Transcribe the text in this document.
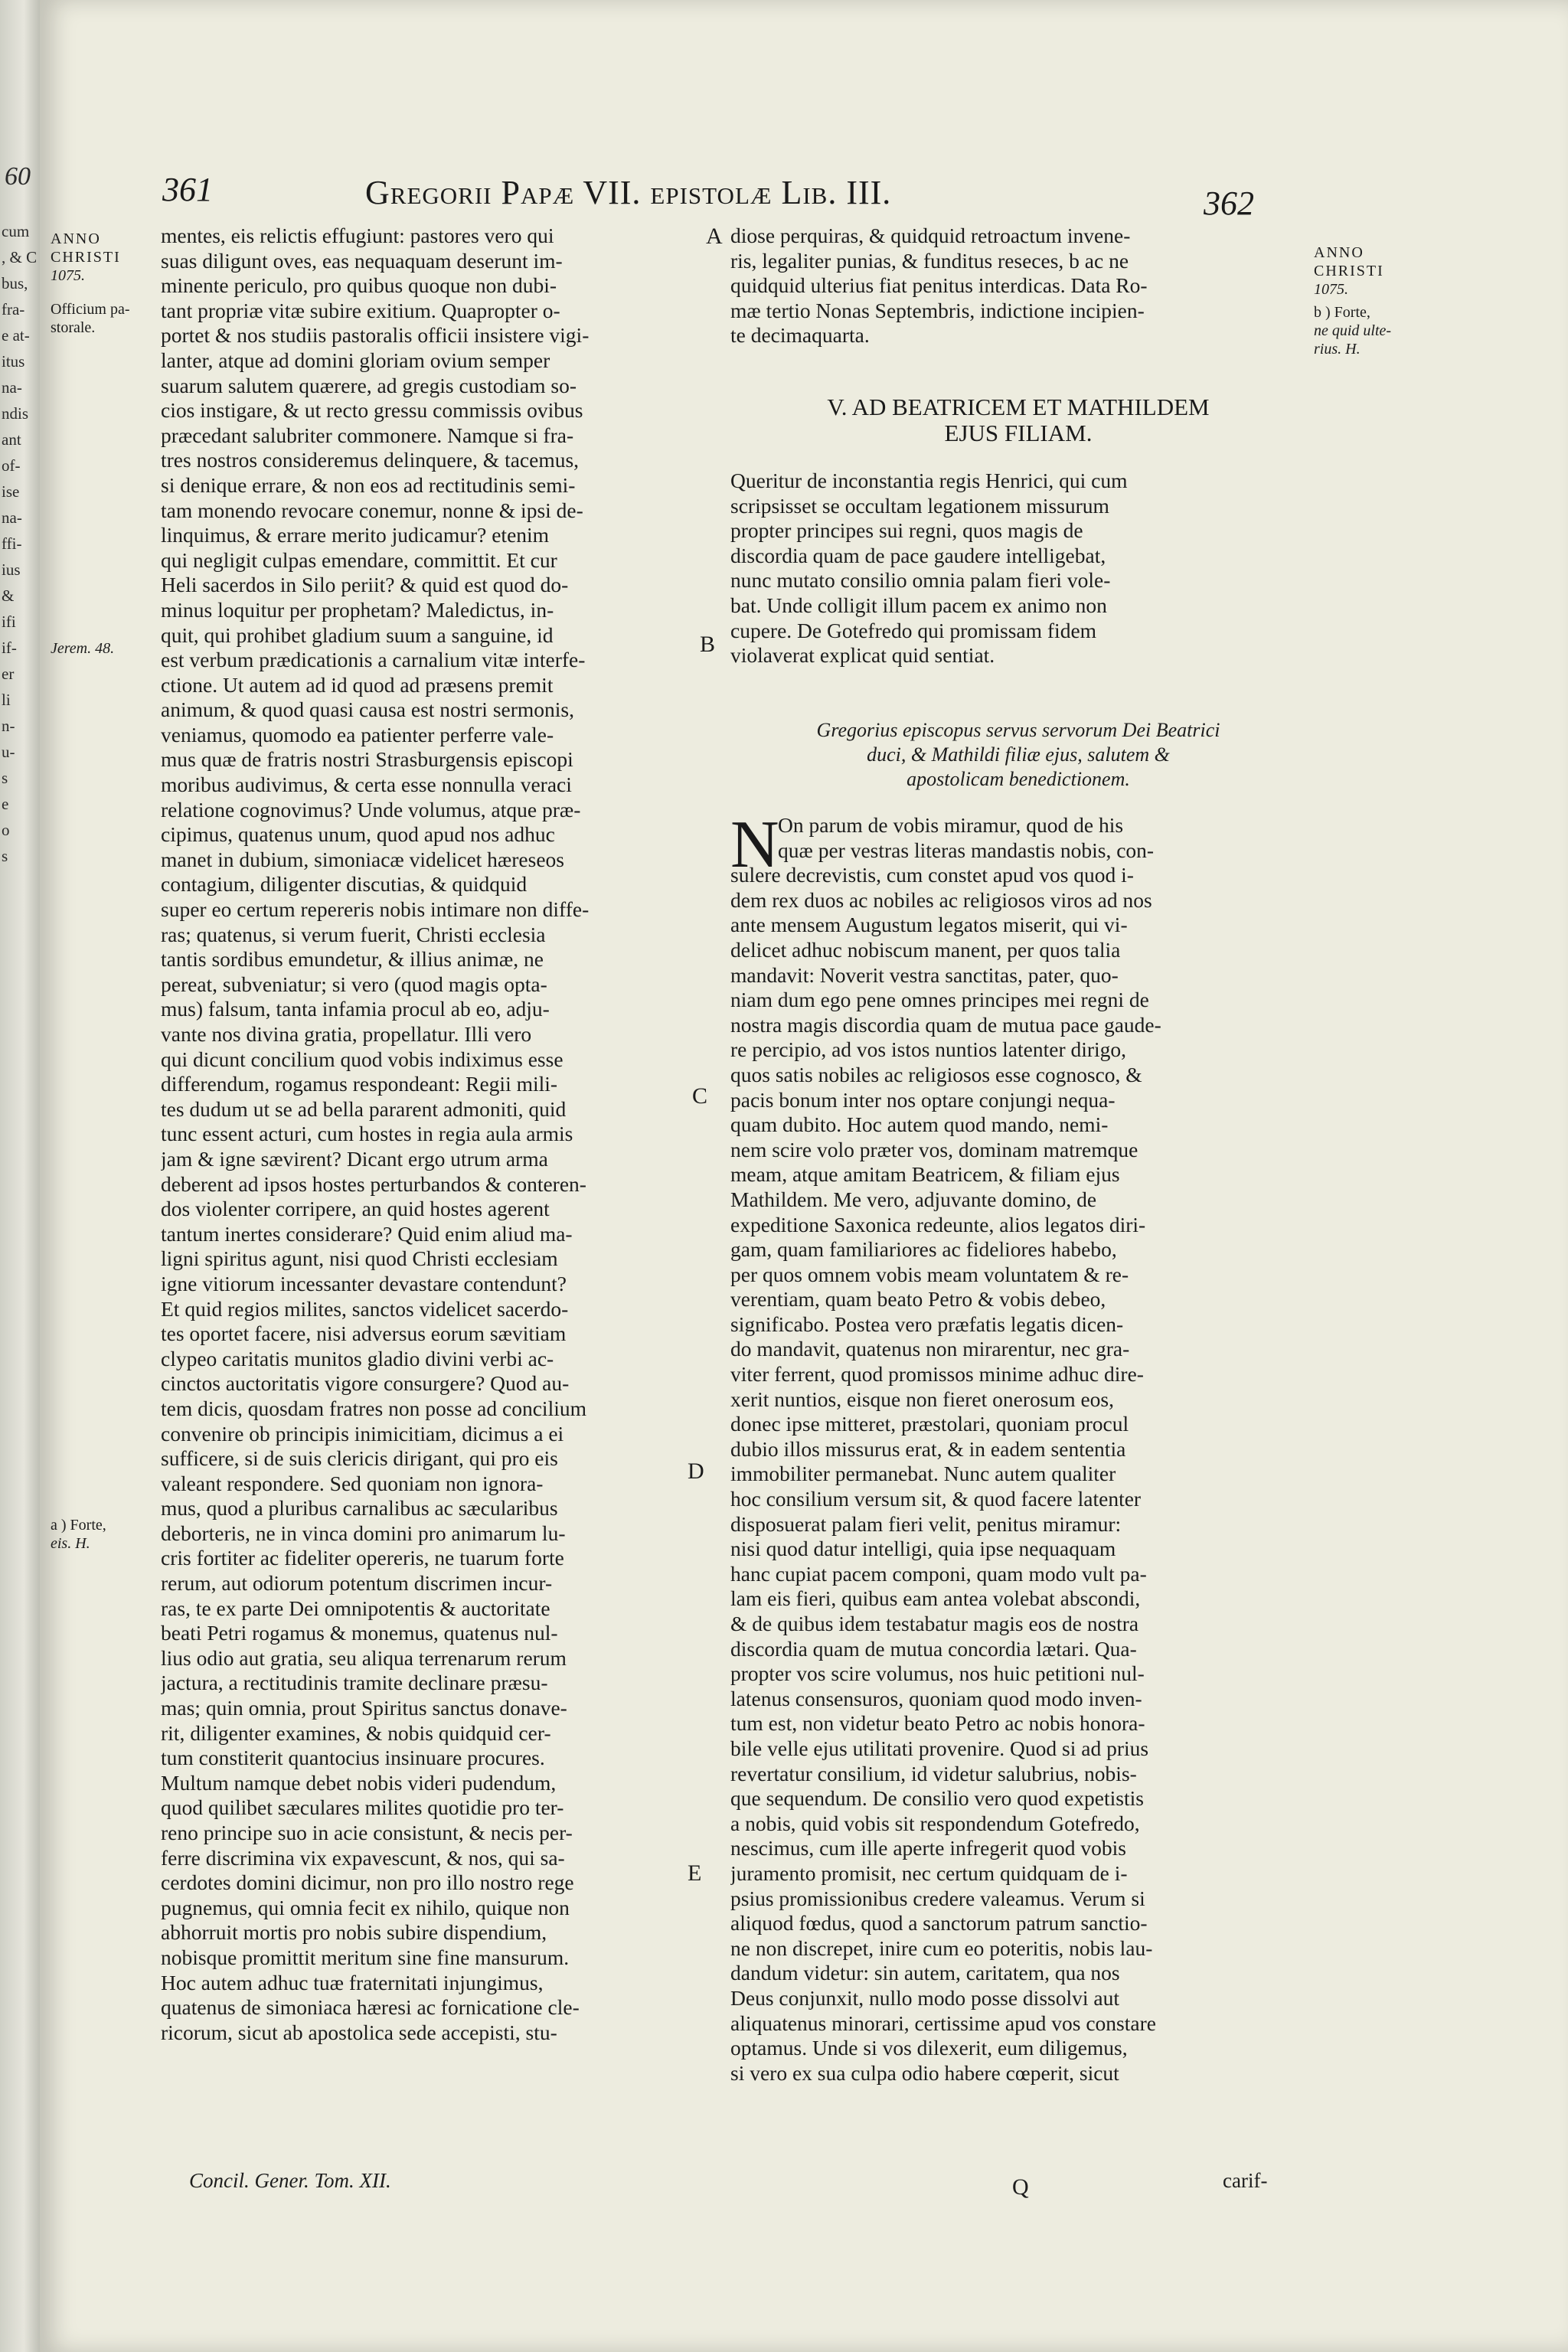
60
cum
, & C
bus,
fra-
e at-
itus
na-
ndis
ant
of-
ise
na-
ffi-
ius
&
ifi
if-
er
li
n-
u-
s
e
o
s
361	Gregorii Papæ VII. epistolæ Lib. III.	362
ANNO
CHRISTI
1075.
Officium pa-
storale.
Jerem. 48.
a ) Forte,
eis. H.
mentes, eis relictis effugiunt: pastores vero qui
suas diligunt oves, eas nequaquam deserunt im-
minente periculo, pro quibus quoque non dubi-
tant propriæ vitæ subire exitium. Quapropter o-
portet & nos studiis pastoralis officii insistere vigi-
lanter, atque ad domini gloriam ovium semper
suarum salutem quærere, ad gregis custodiam so-
cios instigare, & ut recto gressu commissis ovibus
præcedant salubriter commonere. Namque si fra-
tres nostros consideremus delinquere, & tacemus,
si denique errare, & non eos ad rectitudinis semi-
tam monendo revocare conemur, nonne & ipsi de-
linquimus, & errare merito judicamur? etenim
qui negligit culpas emendare, committit. Et cur
Heli sacerdos in Silo periit? & quid est quod do-
minus loquitur per prophetam? Maledictus, in-
quit, qui prohibet gladium suum a sanguine, id
est verbum prædicationis a carnalium vitæ interfe-
ctione. Ut autem ad id quod ad præsens premit
animum, & quod quasi causa est nostri sermonis,
veniamus, quomodo ea patienter perferre vale-
mus quæ de fratris nostri Strasburgensis episcopi
moribus audivimus, & certa esse nonnulla veraci
relatione cognovimus? Unde volumus, atque præ-
cipimus, quatenus unum, quod apud nos adhuc
manet in dubium, simoniacæ videlicet hæreseos
contagium, diligenter discutias, & quidquid
super eo certum repereris nobis intimare non diffe-
ras; quatenus, si verum fuerit, Christi ecclesia
tantis sordibus emundetur, & illius animæ, ne
pereat, subveniatur; si vero (quod magis opta-
mus) falsum, tanta infamia procul ab eo, adju-
vante nos divina gratia, propellatur. Illi vero
qui dicunt concilium quod vobis indiximus esse
differendum, rogamus respondeant: Regii mili-
tes dudum ut se ad bella pararent admoniti, quid
tunc essent acturi, cum hostes in regia aula armis
jam & igne sævirent? Dicant ergo utrum arma
deberent ad ipsos hostes perturbandos & conteren-
dos violenter corripere, an quid hostes agerent
tantum inertes considerare? Quid enim aliud ma-
ligni spiritus agunt, nisi quod Christi ecclesiam
igne vitiorum incessanter devastare contendunt?
Et quid regios milites, sanctos videlicet sacerdo-
tes oportet facere, nisi adversus eorum sævitiam
clypeo caritatis munitos gladio divini verbi ac-
cinctos auctoritatis vigore consurgere? Quod au-
tem dicis, quosdam fratres non posse ad concilium
convenire ob principis inimicitiam, dicimus a ei
sufficere, si de suis clericis dirigant, qui pro eis
valeant respondere. Sed quoniam non ignora-
mus, quod a pluribus carnalibus ac sæcularibus
deborteris, ne in vinca domini pro animarum lu-
cris fortiter ac fideliter opereris, ne tuarum forte
rerum, aut odiorum potentum discrimen incur-
ras, te ex parte Dei omnipotentis & auctoritate
beati Petri rogamus & monemus, quatenus nul-
lius odio aut gratia, seu aliqua terrenarum rerum
jactura, a rectitudinis tramite declinare præsu-
mas; quin omnia, prout Spiritus sanctus donave-
rit, diligenter examines, & nobis quidquid cer-
tum constiterit quantocius insinuare procures.
Multum namque debet nobis videri pudendum,
quod quilibet sæculares milites quotidie pro ter-
reno principe suo in acie consistunt, & necis per-
ferre discrimina vix expavescunt, & nos, qui sa-
cerdotes domini dicimur, non pro illo nostro rege
pugnemus, qui omnia fecit ex nihilo, quique non
abhorruit mortis pro nobis subire dispendium,
nobisque promittit meritum sine fine mansurum.
Hoc autem adhuc tuæ fraternitati injungimus,
quatenus de simoniaca hæresi ac fornicatione cle-
ricorum, sicut ab apostolica sede accepisti, stu-
Concil. Gener. Tom. XII.
A
B
C
D
E
diose perquiras, & quidquid retroactum invene-
ris, legaliter punias, & funditus reseces, b ac ne
quidquid ulterius fiat penitus interdicas. Data Ro-
mæ tertio Nonas Septembris, indictione incipien-
te decimaquarta.
ANNO
CHRISTI
1075.
b ) Forte,
ne quid ulte-
rius. H.
V. AD BEATRICEM ET MATHILDEM
EJUS FILIAM.
Queritur de inconstantia regis Henrici, qui cum
scripsisset se occultam legationem missurum
propter principes sui regni, quos magis de
discordia quam de pace gaudere intelligebat,
nunc mutato consilio omnia palam fieri vole-
bat. Unde colligit illum pacem ex animo non
cupere. De Gotefredo qui promissam fidem
violaverat explicat quid sentiat.
Gregorius episcopus servus servorum Dei Beatrici
duci, & Mathildi filiæ ejus, salutem &
apostolicam benedictionem.
N
On parum de vobis miramur, quod de his
quæ per vestras literas mandastis nobis, con-
sulere decrevistis, cum constet apud vos quod i-
dem rex duos ac nobiles ac religiosos viros ad nos
ante mensem Augustum legatos miserit, qui vi-
delicet adhuc nobiscum manent, per quos talia
mandavit: Noverit vestra sanctitas, pater, quo-
niam dum ego pene omnes principes mei regni de
nostra magis discordia quam de mutua pace gaude-
re percipio, ad vos istos nuntios latenter dirigo,
quos satis nobiles ac religiosos esse cognosco, &
pacis bonum inter nos optare conjungi nequa-
quam dubito. Hoc autem quod mando, nemi-
nem scire volo præter vos, dominam matremque
meam, atque amitam Beatricem, & filiam ejus
Mathildem. Me vero, adjuvante domino, de
expeditione Saxonica redeunte, alios legatos diri-
gam, quam familiariores ac fideliores habebo,
per quos omnem vobis meam voluntatem & re-
verentiam, quam beato Petro & vobis debeo,
significabo. Postea vero præfatis legatis dicen-
do mandavit, quatenus non mirarentur, nec gra-
viter ferrent, quod promissos minime adhuc dire-
xerit nuntios, eisque non fieret onerosum eos,
donec ipse mitteret, præstolari, quoniam procul
dubio illos missurus erat, & in eadem sententia
immobiliter permanebat. Nunc autem qualiter
hoc consilium versum sit, & quod facere latenter
disposuerat palam fieri velit, penitus miramur:
nisi quod datur intelligi, quia ipse nequaquam
hanc cupiat pacem componi, quam modo vult pa-
lam eis fieri, quibus eam antea volebat abscondi,
& de quibus idem testabatur magis eos de nostra
discordia quam de mutua concordia lætari. Qua-
propter vos scire volumus, nos huic petitioni nul-
latenus consensuros, quoniam quod modo inven-
tum est, non videtur beato Petro ac nobis honora-
bile velle ejus utilitati provenire. Quod si ad prius
revertatur consilium, id videtur salubrius, nobis-
que sequendum. De consilio vero quod expetistis
a nobis, quid vobis sit respondendum Gotefredo,
nescimus, cum ille aperte infregerit quod vobis
juramento promisit, nec certum quidquam de i-
psius promissionibus credere valeamus. Verum si
aliquod fœdus, quod a sanctorum patrum sanctio-
ne non discrepet, inire cum eo poteritis, nobis lau-
dandum videtur: sin autem, caritatem, qua nos
Deus conjunxit, nullo modo posse dissolvi aut
aliquatenus minorari, certissime apud vos constare
optamus. Unde si vos dilexerit, eum diligemus,
si vero ex sua culpa odio habere cœperit, sicut
Q	carif-
